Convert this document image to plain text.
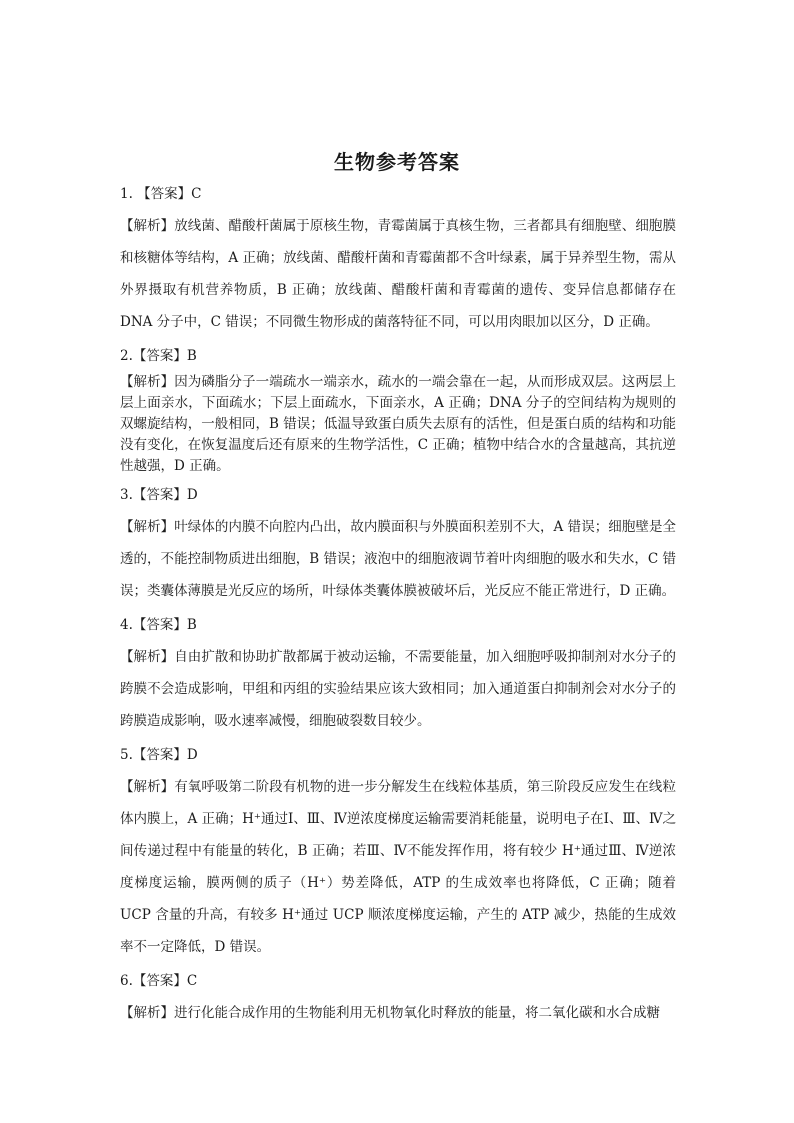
生物参考答案

1. 【答案】C

【解析】放线菌、醋酸杆菌属于原核生物，青霉菌属于真核生物，三者都具有细胞壁、细胞膜和核糖体等结构，A 正确；放线菌、醋酸杆菌和青霉菌都不含叶绿素，属于异养型生物，需从外界摄取有机营养物质，B 正确；放线菌、醋酸杆菌和青霉菌的遗传、变异信息都储存在 DNA 分子中，C 错误；不同微生物形成的菌落特征不同，可以用肉眼加以区分，D 正确。

2.【答案】B

【解析】因为磷脂分子一端疏水一端亲水，疏水的一端会靠在一起，从而形成双层。这两层上层上面亲水，下面疏水；下层上面疏水，下面亲水，A 正确；DNA 分子的空间结构为规则的双螺旋结构，一般相同，B 错误；低温导致蛋白质失去原有的活性，但是蛋白质的结构和功能没有变化，在恢复温度后还有原来的生物学活性，C 正确；植物中结合水的含量越高，其抗逆性越强，D 正确。

3.【答案】D

【解析】叶绿体的内膜不向腔内凸出，故内膜面积与外膜面积差别不大，A 错误；细胞壁是全透的，不能控制物质进出细胞，B 错误；液泡中的细胞液调节着叶肉细胞的吸水和失水，C 错误；类囊体薄膜是光反应的场所，叶绿体类囊体膜被破坏后，光反应不能正常进行，D 正确。

4.【答案】B

【解析】自由扩散和协助扩散都属于被动运输，不需要能量，加入细胞呼吸抑制剂对水分子的跨膜不会造成影响，甲组和丙组的实验结果应该大致相同；加入通道蛋白抑制剂会对水分子的跨膜造成影响，吸水速率减慢，细胞破裂数目较少。

5.【答案】D

【解析】有氧呼吸第二阶段有机物的进一步分解发生在线粒体基质，第三阶段反应发生在线粒体内膜上，A 正确；H⁺通过Ⅰ、Ⅲ、Ⅳ逆浓度梯度运输需要消耗能量，说明电子在Ⅰ、Ⅲ、Ⅳ之间传递过程中有能量的转化，B 正确；若Ⅲ、Ⅳ不能发挥作用，将有较少 H⁺通过Ⅲ、Ⅳ逆浓度梯度运输，膜两侧的质子（H⁺）势差降低，ATP 的生成效率也将降低，C 正确；随着 UCP 含量的升高，有较多 H⁺通过 UCP 顺浓度梯度运输，产生的 ATP 减少，热能的生成效率不一定降低，D 错误。

6.【答案】C

【解析】进行化能合成作用的生物能利用无机物氧化时释放的能量，将二氧化碳和水合成糖
